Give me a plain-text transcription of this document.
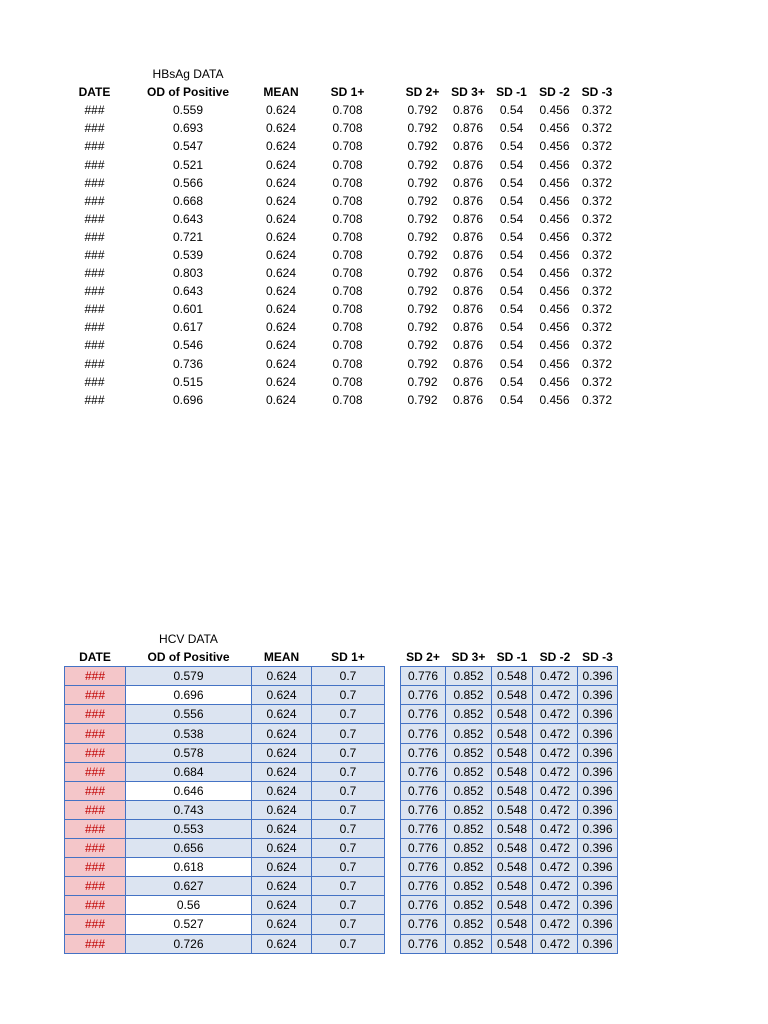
	HBsAg DATA								
DATE	OD of Positive	MEAN	SD 1+		SD 2+	SD 3+	SD -1	SD -2	SD -3
###	0.559	0.624	0.708		0.792	0.876	0.54	0.456	0.372
###	0.693	0.624	0.708		0.792	0.876	0.54	0.456	0.372
###	0.547	0.624	0.708		0.792	0.876	0.54	0.456	0.372
###	0.521	0.624	0.708		0.792	0.876	0.54	0.456	0.372
###	0.566	0.624	0.708		0.792	0.876	0.54	0.456	0.372
###	0.668	0.624	0.708		0.792	0.876	0.54	0.456	0.372
###	0.643	0.624	0.708		0.792	0.876	0.54	0.456	0.372
###	0.721	0.624	0.708		0.792	0.876	0.54	0.456	0.372
###	0.539	0.624	0.708		0.792	0.876	0.54	0.456	0.372
###	0.803	0.624	0.708		0.792	0.876	0.54	0.456	0.372
###	0.643	0.624	0.708		0.792	0.876	0.54	0.456	0.372
###	0.601	0.624	0.708		0.792	0.876	0.54	0.456	0.372
###	0.617	0.624	0.708		0.792	0.876	0.54	0.456	0.372
###	0.546	0.624	0.708		0.792	0.876	0.54	0.456	0.372
###	0.736	0.624	0.708		0.792	0.876	0.54	0.456	0.372
###	0.515	0.624	0.708		0.792	0.876	0.54	0.456	0.372
###	0.696	0.624	0.708		0.792	0.876	0.54	0.456	0.372
	HCV DATA								
DATE	OD of Positive	MEAN	SD 1+		SD 2+	SD 3+	SD -1	SD -2	SD -3
###	0.579	0.624	0.7		0.776	0.852	0.548	0.472	0.396
###	0.696	0.624	0.7		0.776	0.852	0.548	0.472	0.396
###	0.556	0.624	0.7		0.776	0.852	0.548	0.472	0.396
###	0.538	0.624	0.7		0.776	0.852	0.548	0.472	0.396
###	0.578	0.624	0.7		0.776	0.852	0.548	0.472	0.396
###	0.684	0.624	0.7		0.776	0.852	0.548	0.472	0.396
###	0.646	0.624	0.7		0.776	0.852	0.548	0.472	0.396
###	0.743	0.624	0.7		0.776	0.852	0.548	0.472	0.396
###	0.553	0.624	0.7		0.776	0.852	0.548	0.472	0.396
###	0.656	0.624	0.7		0.776	0.852	0.548	0.472	0.396
###	0.618	0.624	0.7		0.776	0.852	0.548	0.472	0.396
###	0.627	0.624	0.7		0.776	0.852	0.548	0.472	0.396
###	0.56	0.624	0.7		0.776	0.852	0.548	0.472	0.396
###	0.527	0.624	0.7		0.776	0.852	0.548	0.472	0.396
###	0.726	0.624	0.7		0.776	0.852	0.548	0.472	0.396
